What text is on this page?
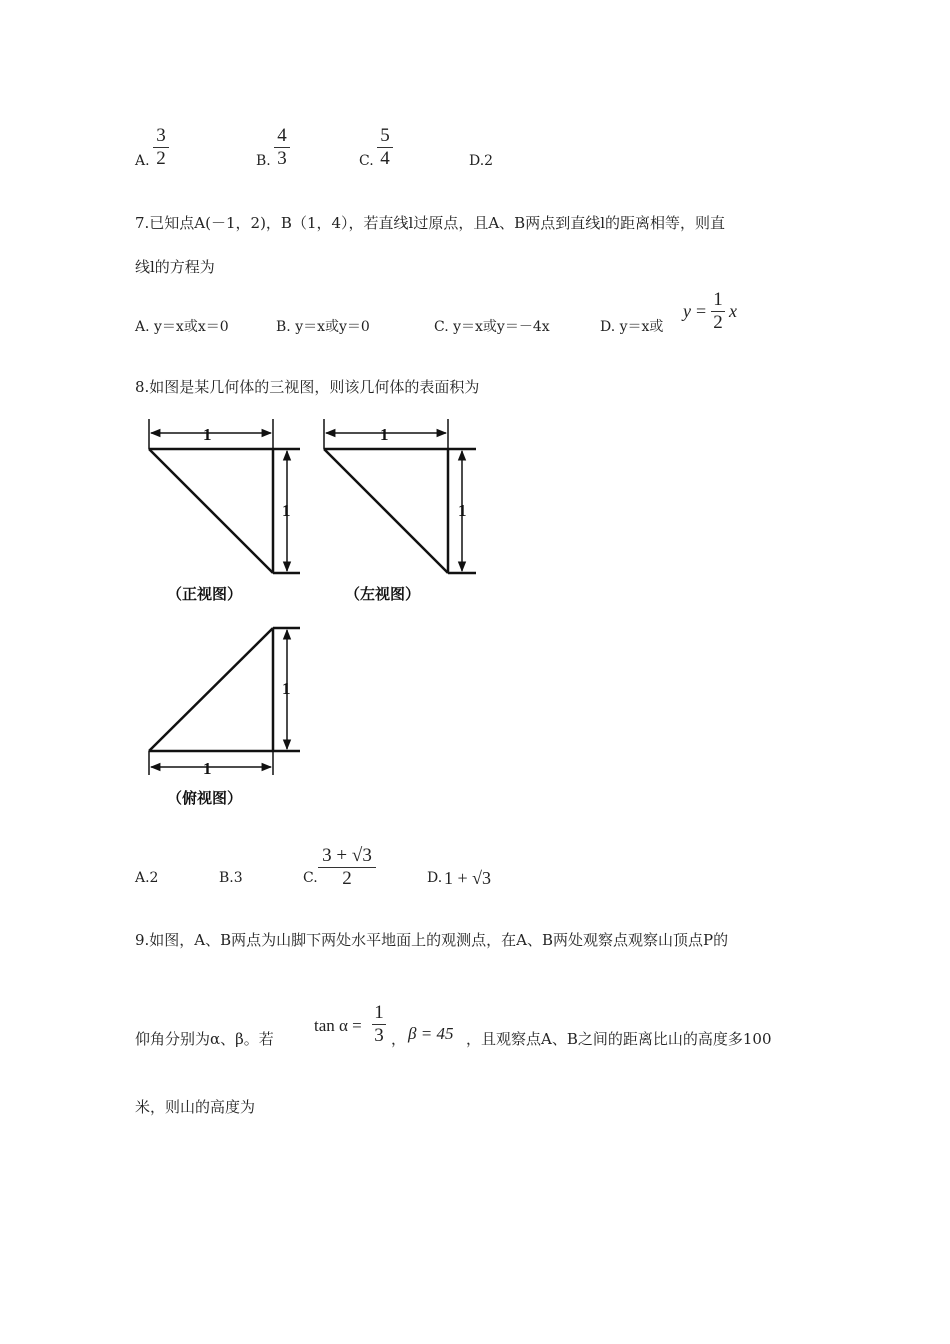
A.
3
2	B.
4
3	C.
5
4	D.2
7.已知点A(－1，2)，B（1，4），若直线l过原点，且A、B两点到直线l的距离相等，则直
线l的方程为
A. y＝x或x＝0	B. y＝x或y＝0	C. y＝x或y＝－4x	D. y＝x或
y =
1
2
x
8.如图是某几何体的三视图，则该几何体的表面积为
1
1
（正视图）
1
1
（左视图）
1
1
（俯视图）
A.2	B.3	C.
3 + √3
2	D. 1 + √3
9.如图，A、B两点为山脚下两处水平地面上的观测点，在A、B两处观察点观察山顶点P的
仰角分别为α、β。若
tan α =
1
3 ， β = 45 ，且观察点A、B之间的距离比山的高度多100
米，则山的高度为
